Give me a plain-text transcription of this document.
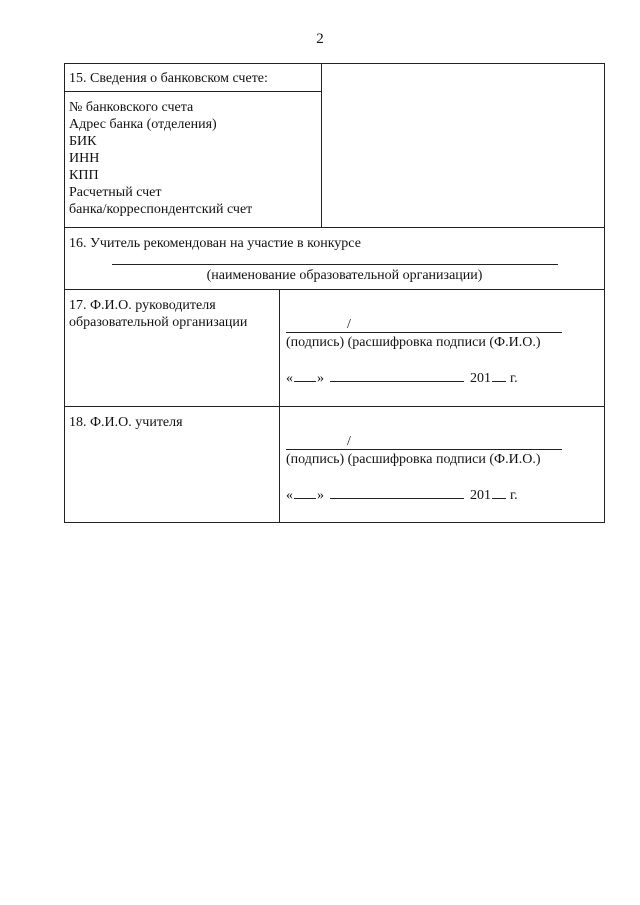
2
15. Сведения о банковском счете:
№ банковского счета
Адрес банка (отделения)
БИК
ИНН
КПП
Расчетный счет
банка/корреспондентский счет
16. Учитель рекомендован на участие в конкурсе
(наименование образовательной организации)
17. Ф.И.О. руководителя
образовательной организации	/
(подпись) (расшифровка подписи (Ф.И.О.)
« »	201 г.
18. Ф.И.О. учителя
/
(подпись) (расшифровка подписи (Ф.И.О.)
« »	201 г.
